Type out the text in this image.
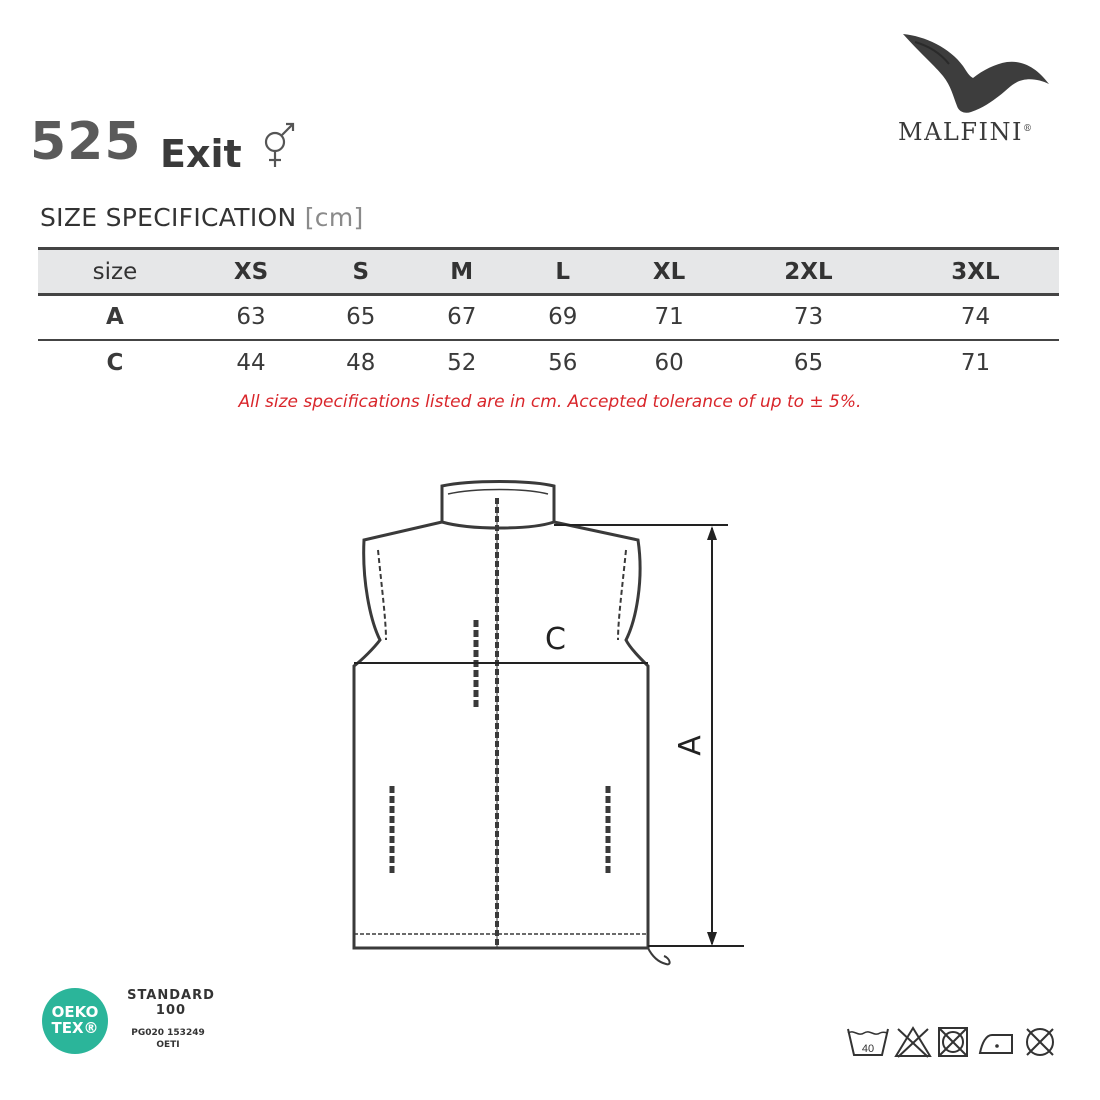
525 Exit	MALFINI®
SIZE SPECIFICATION [cm]
size	XS	S	M	L	XL	2XL	3XL
A	63	65	67	69	71	73	74
C	44	48	52	56	60	65	71
All size specifications listed are in cm. Accepted tolerance of up to ± 5%.
C
A
OEKO
TEX®
STANDARD
100
PG020 153249
OETI	40
